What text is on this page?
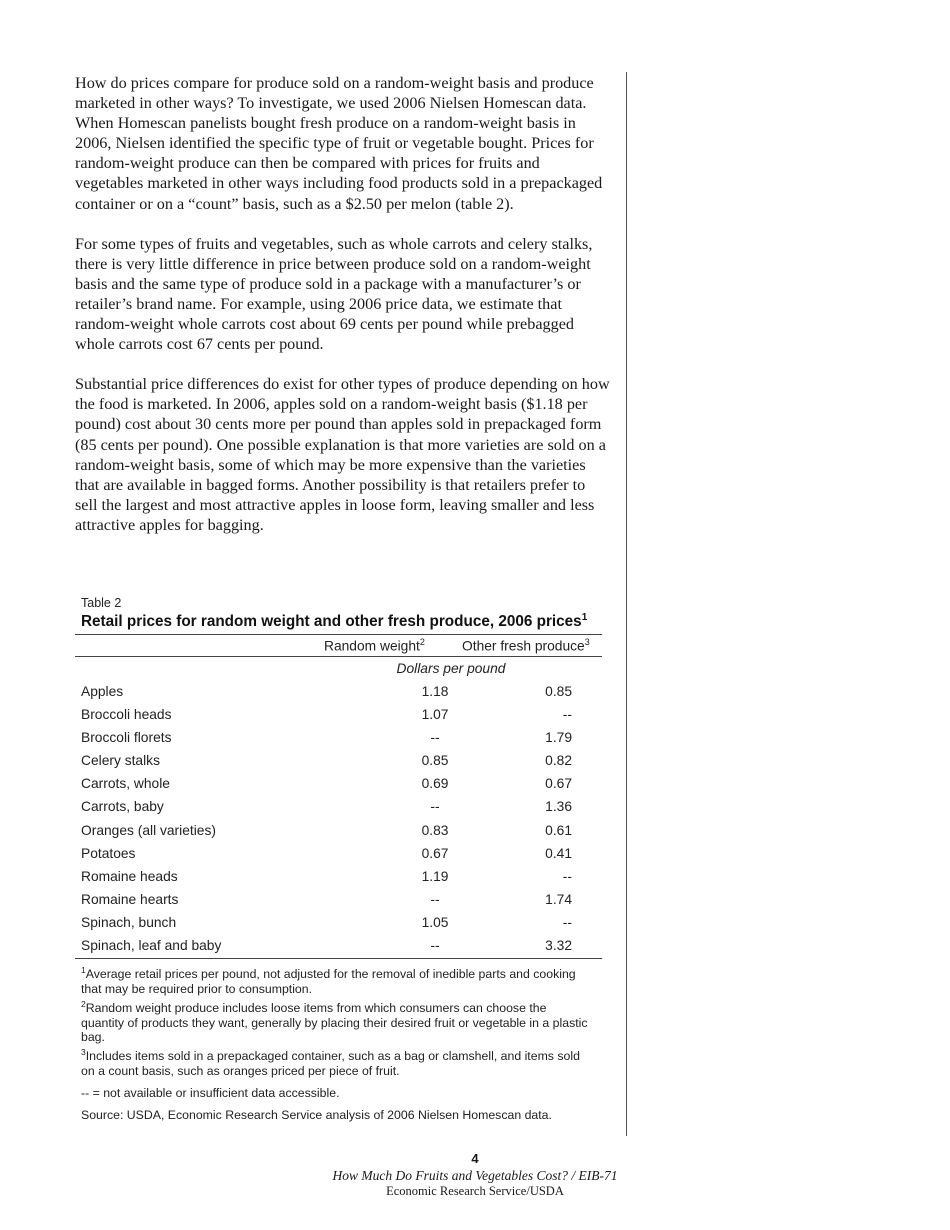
How do prices compare for produce sold on a random-weight basis and produce marketed in other ways? To investigate, we used 2006 Nielsen Homescan data. When Homescan panelists bought fresh produce on a random-weight basis in 2006, Nielsen identified the specific type of fruit or vegetable bought. Prices for random-weight produce can then be compared with prices for fruits and vegetables marketed in other ways including food products sold in a prepackaged container or on a “count” basis, such as a $2.50 per melon (table 2).

For some types of fruits and vegetables, such as whole carrots and celery stalks, there is very little difference in price between produce sold on a random-weight basis and the same type of produce sold in a package with a manufacturer’s or retailer’s brand name. For example, using 2006 price data, we estimate that random-weight whole carrots cost about 69 cents per pound while prebagged whole carrots cost 67 cents per pound.

Substantial price differences do exist for other types of produce depending on how the food is marketed. In 2006, apples sold on a random-weight basis ($1.18 per pound) cost about 30 cents more per pound than apples sold in prepackaged form (85 cents per pound). One possible explanation is that more varieties are sold on a random-weight basis, some of which may be more expensive than the varieties that are available in bagged forms. Another possibility is that retailers prefer to sell the largest and most attractive apples in loose form, leaving smaller and less attractive apples for bagging.

Table 2
Retail prices for random weight and other fresh produce, 2006 prices$^1$
Random weight$^2$	Other fresh produce$^3$
Dollars per pound
Apples	1.18	0.85
Broccoli heads	1.07	--
Broccoli florets	--	1.79
Celery stalks	0.85	0.82
Carrots, whole	0.69	0.67
Carrots, baby	--	1.36
Oranges (all varieties)	0.83	0.61
Potatoes	0.67	0.41
Romaine heads	1.19	--
Romaine hearts	--	1.74
Spinach, bunch	1.05	--
Spinach, leaf and baby	--	3.32

$^1$Average retail prices per pound, not adjusted for the removal of inedible parts and cooking that may be required prior to consumption.

$^2$Random weight produce includes loose items from which consumers can choose the quantity of products they want, generally by placing their desired fruit or vegetable in a plastic bag.

$^3$Includes items sold in a prepackaged container, such as a bag or clamshell, and items sold on a count basis, such as oranges priced per piece of fruit.

-- = not available or insufficient data accessible.

Source: USDA, Economic Research Service analysis of 2006 Nielsen Homescan data.

4
How Much Do Fruits and Vegetables Cost? / EIB-71
Economic Research Service/USDA
